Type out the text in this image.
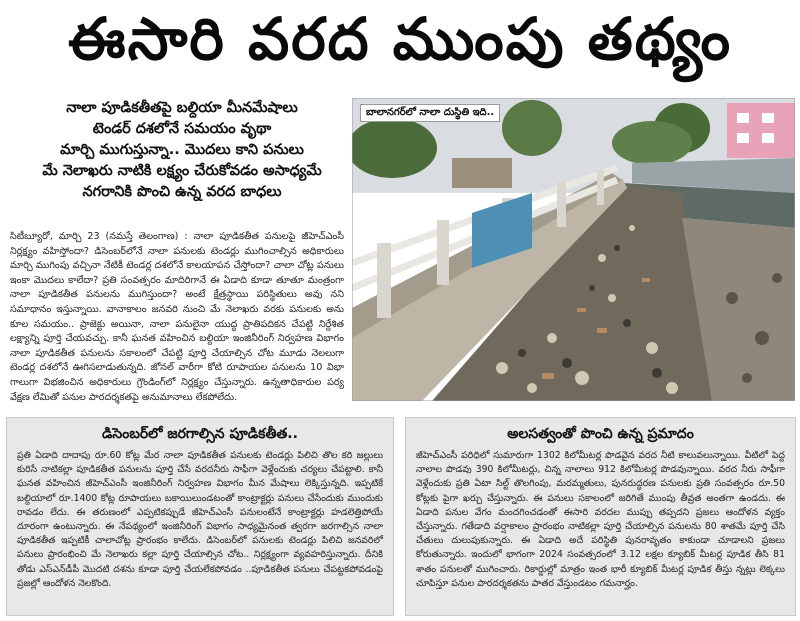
ఈసారి వరద ముంపు తథ్యం
నాలా పూడికతీతపై బల్దియా మీనమేషాలు
టెండర్ దశలోనే సమయం వృథా
మార్చి ముగుస్తున్నా.. మొదలు కాని పనులు
మే నెలాఖరు నాటికి లక్ష్యం చేరుకోవడం అసాధ్యమే
నగరానికి పొంచి ఉన్న వరద బాధలు
సిటీబ్యూరో, మార్చి 23 (నమస్తే తెలంగాణ) : నాలా పూడికతీత పనులపై జీహెచ్ఎంసీ నిర్లక్ష్యం వహిస్తోందా? డిసెంబర్‌లోనే నాలా పనులకు టెండర్లు ముగించాల్సిన అధికారులు మార్చి ముగింపు వచ్చినా నేటికీ టెండర్ల దశలోనే కాలయాపన చేస్తోందా? చాలా చోట్ల పనులు ఇంకా మొదలు కాలేదా? ప్రతి సంవత్సరం మాదిరిగానే ఈ ఏడాది కూడా తూతూ మంత్రంగా నాలా పూడికతీత పనులను ముగిస్తుందా? అంటే క్షేత్రస్థాయి పరిస్థితులు అవు నని సమాధానం ఇస్తున్నాయి. వానాకాలం జనవరి నుంచి మే నెలాఖరు వరకు పనులకు అను కూల సమయం.. ప్రాజెక్టు అయినా, నాలా పనులైనా యుద్ధ ప్రాతిపదికన చేపట్టి నిర్దేశిత లక్ష్యాన్ని పూర్తి చేయవచ్చు. కానీ ఘనత వహించిన బల్దియా ఇంజినీరింగ్ నిర్వహణ విభాగం నాలా పూడికతీత పనులను సకాలంలో చేపట్టి పూర్తి చేయాల్సిన చోట మూడు నెలలుగా టెండర్ల దశలోనే ఊగిసలాడుతున్నది. జోనల్ వారీగా కోటి రూపాయల పనులను 10 విభా గాలుగా విభజించిన అధికారులు గ్రౌండింగ్‌లో నిర్లక్ష్యం చేస్తున్నారు. ఉన్నతాధికారుల పర్య వేక్షణ లేమితో పనుల పారదర్శకతపై అనుమానాలు లేకపోలేదు.
బాలానగర్‌లో నాలా దుస్థితి ఇది..
డిసెంబర్‌లో జరగాల్సిన పూడికతీత..

ప్రతి ఏడాది దాదాపు రూ.60 కోట్ల మేర నాలా పూడికతీత పనులకు టెండర్లు పిలిచి తొల కరి జల్లులు కురిసే నాటికల్లా పూడికతీత పనులను పూర్తి చేసే వరదనీరు సాఫీగా వెళ్లేందుకు చర్యలు చేపట్టాలి. కానీ ఘనత వహించిన జీహెచ్ఎంసీ ఇంజినీరింగ్ నిర్వహణ విభాగం మీన మేషాలు లెక్కిస్తున్నది. ఇప్పటికే బల్దియాలో రూ.1400 కోట్ల రూపాయలు బకాయిలుండటంతో కాంట్రాక్టర్లు పనులు చేసేందుకు ముందుకు రావడం లేదు. ఈ తరుణంలో ఎప్పటికప్పుడే జీహెచ్ఎంసీ పనులంటేనే కాంట్రాక్టర్లు హడలెత్తిపోయే దూరంగా ఉంటున్నారు. ఈ నేపథ్యంలో ఇంజినీరింగ్ విభాగం సాధ్యమైనంత త్వరగా జరగాల్సిన నాలా పూడికతీత ఇప్పటికీ చాలాచోట్ల ప్రారంభం కాలేదు. డిసెంబర్‌లో పనులకు టెండర్లు పిలిచి జనవరిలో పనులు ప్రారంభించి మే నెలాఖరు కల్లా పూర్తి చేయాల్సిన చోట.. నిర్లక్ష్యంగా వ్యవహరిస్తున్నారు. దీనికి తోడు ఎస్ఎన్‌డీపీ మొదటి దశను కూడా పూర్తి చేయలేకపోవడం ..పూడికతీత పనులు చేపట్టకపోవడంపై ప్రజల్లో ఆందోళన నెలకొంది.

అలసత్వంతో పొంచి ఉన్న ప్రమాదం

జీహెచ్ఎంసీ పరిధిలో సుమారుగా 1302 కిలోమీటర్ల పొడవైన వరద నీటి కాలువలున్నాయి. వీటిలో పెద్ద నాలాల పొడవు 390 కిలోమీటర్లు, చిన్న నాలాలు 912 కిలోమీటర్ల పొడవున్నాయి. వరద నీరు సాఫీగా వెళ్లేందుకు ప్రతి ఏటా సిల్ట్ తొలగింపు, మరమ్మతులు, పునరుద్ధరణ పనులకు ప్రతి సంవత్సరం రూ.50 కోట్లకు పైగా ఖర్చు చేస్తున్నారు. ఈ పనులు సకాలంలో జరిగితే ముంపు తీవ్రత అంతగా ఉండదు. ఈ ఏడాది పనుల వేగం మందగించడంతో ఈసారి వరదల ముప్పు తప్పదని ప్రజలు ఆందోళన వ్యక్తం చేస్తున్నారు. గతేడాది వర్షాకాలం ప్రారంభం నాటికల్లా పూర్తి చేయాల్సిన పనులను 80 శాతమే పూర్తి చేసి చేతులు దులుపుకున్నారు. ఈ ఏడాది అదే పరిస్థితి పునరావృతం కాకుండా చూడాలని ప్రజలు కోరుతున్నారు. ఇందులో భాగంగా 2024 సంవత్సరంలో 3.12 లక్షల క్యూబిక్ మీటర్ల పూడిక తీసి 81 శాతం పనులతో ముగించారు. రికార్డుల్లో మాత్రం ఇంత భారీ క్యూబిక్ మీటర్ల పూడిక తీస్తు న్నట్లు లెక్కలు చూపిస్తూ పనుల పారదర్శకతను పాతర వేస్తుండటం గమనార్హం.
